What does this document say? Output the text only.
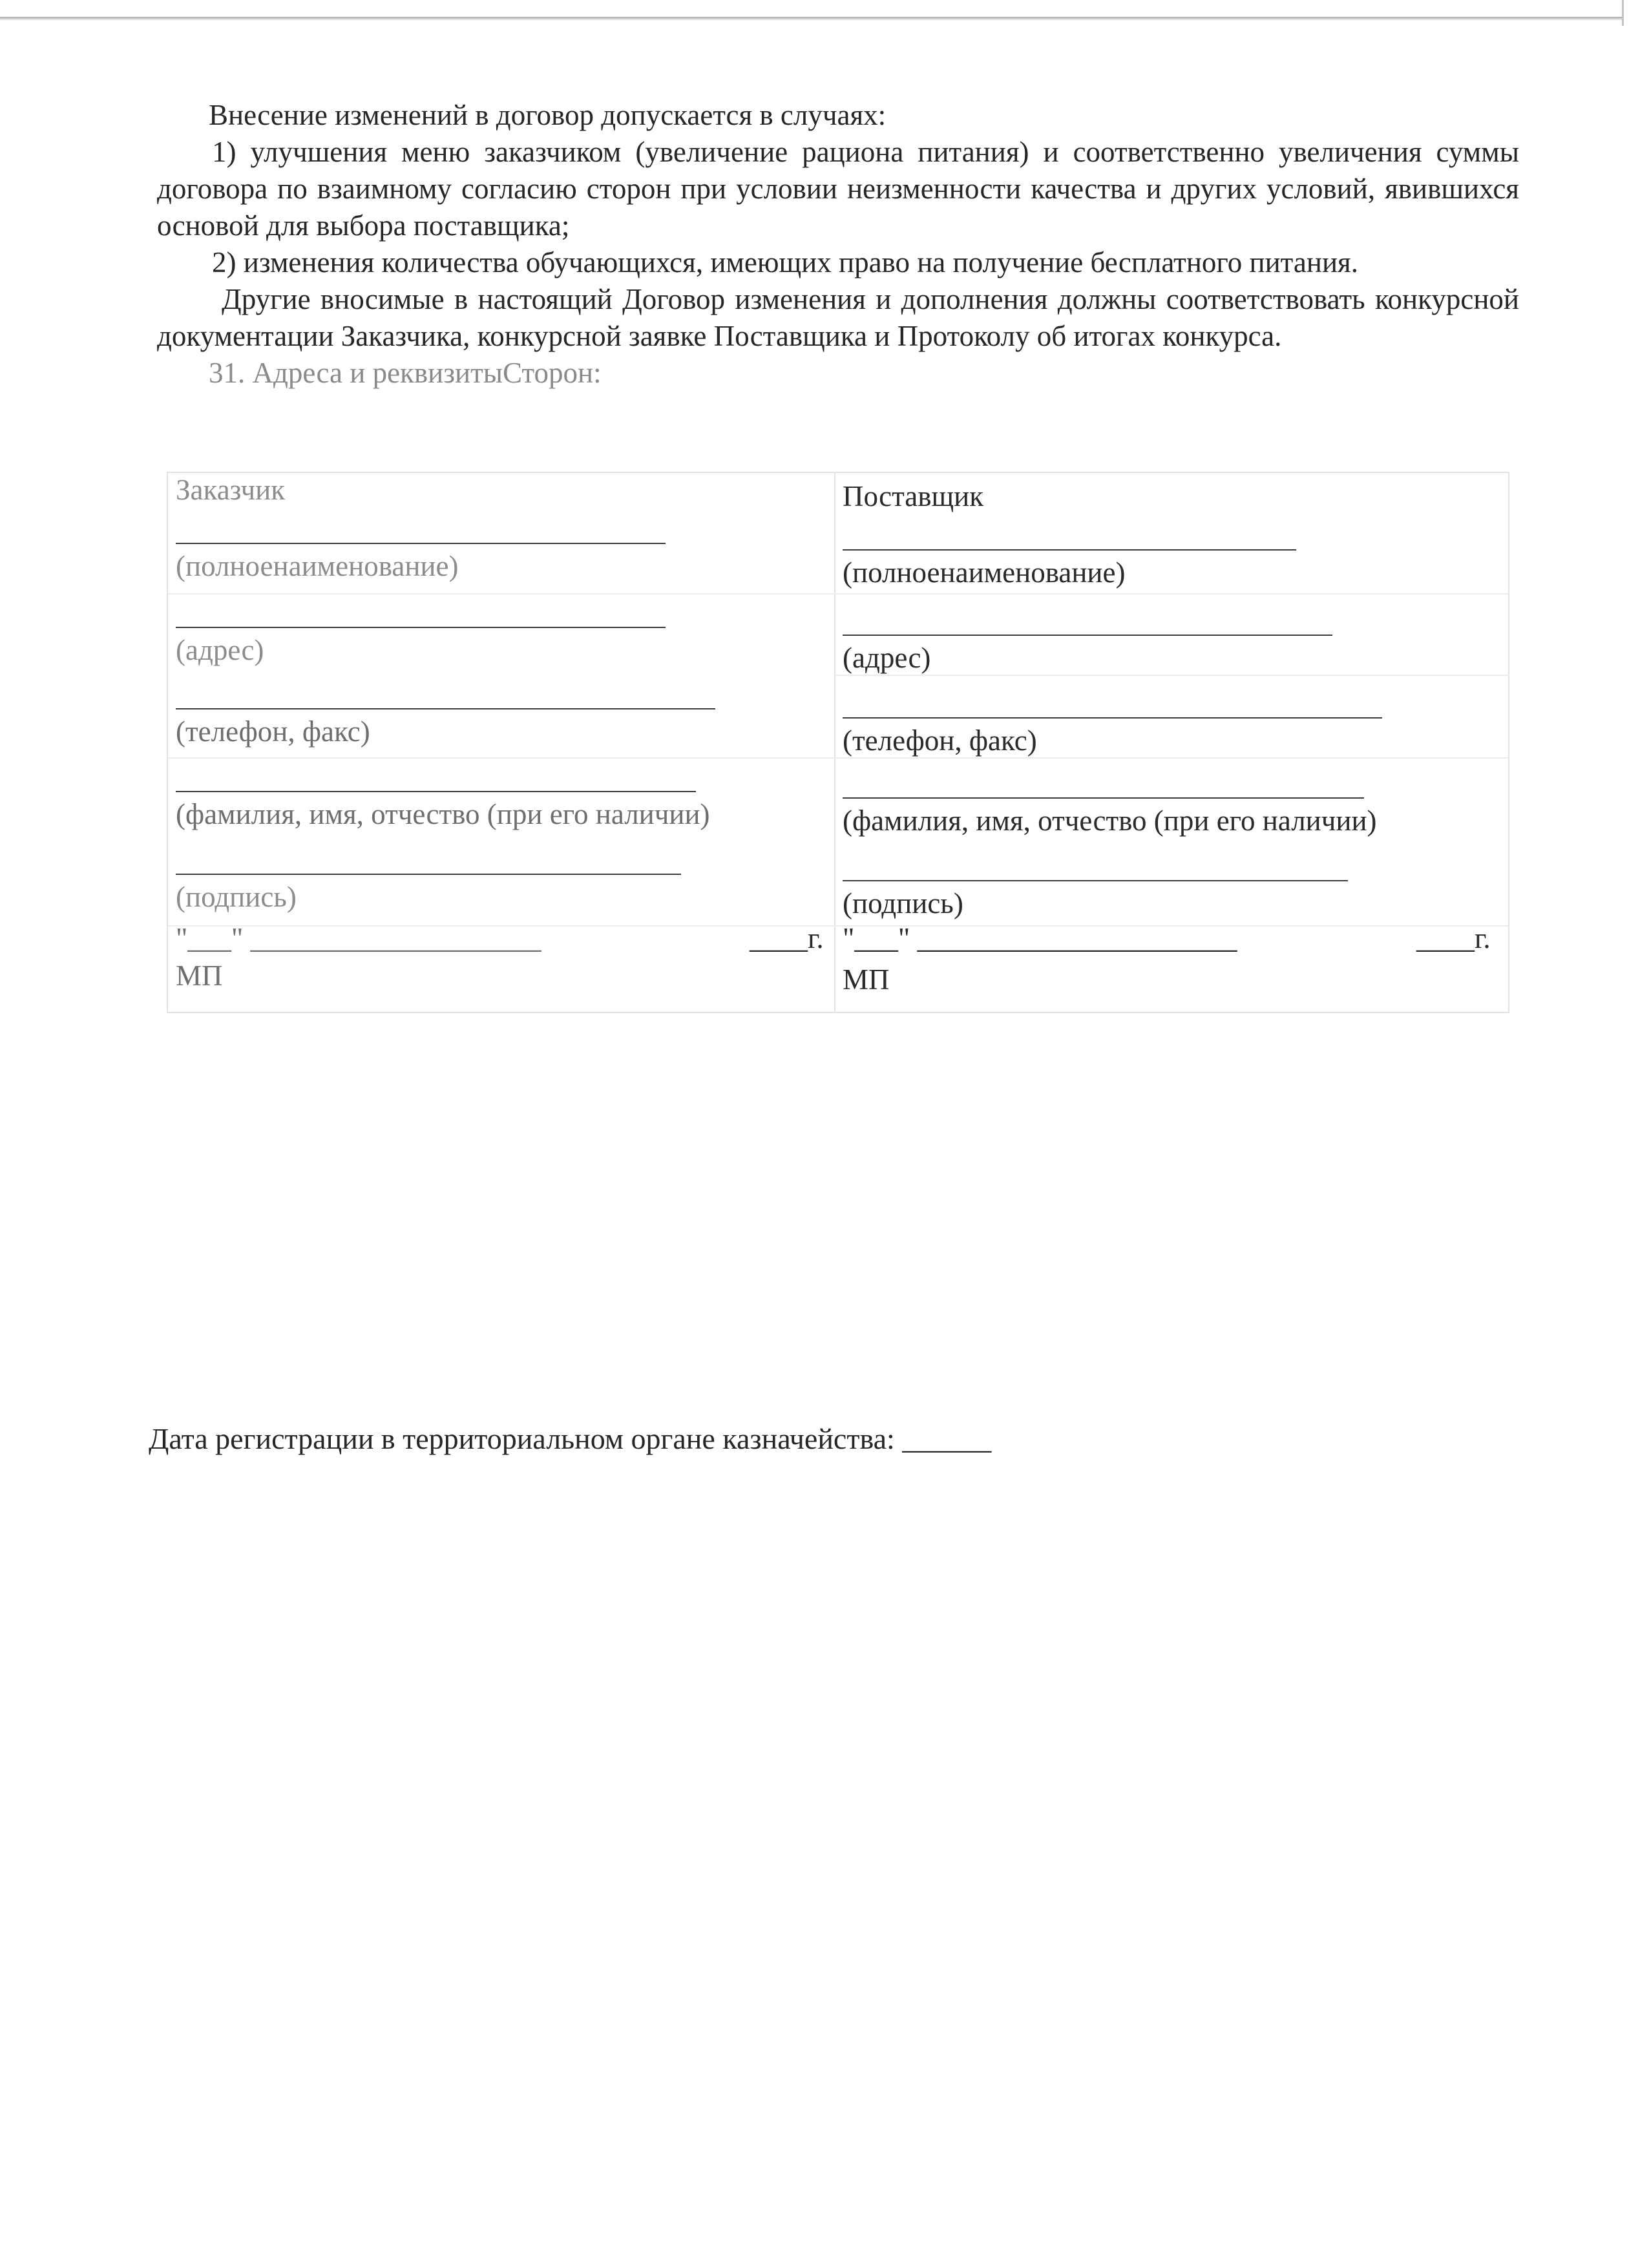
Внесение изменений в договор допускается в случаях:

1) улучшения меню заказчиком (увеличение рациона питания) и соответственно увеличения суммы договора по взаимному согласию сторон при условии неизменности качества и других условий, явившихся основой для выбора поставщика;

2) изменения количества обучающихся, имеющих право на получение бесплатного питания.

Другие вносимые в настоящий Договор изменения и дополнения должны соответствовать конкурсной документации Заказчика, конкурсной заявке Поставщика и Протоколу об итогах конкурса.

31. Адреса и реквизитыСторон:

Заказчик
(полноенаименование)
(адрес)
(телефон, факс)
(фамилия, имя, отчество (при его наличии)
(подпись)
"___" ____________________	____г.
МП
Поставщик
(полноенаименование)
(адрес)
(телефон, факс)
(фамилия, имя, отчество (при его наличии)
(подпись)
"___" ______________________	____г.
МП
Дата регистрации в территориальном органе казначейства: ______
